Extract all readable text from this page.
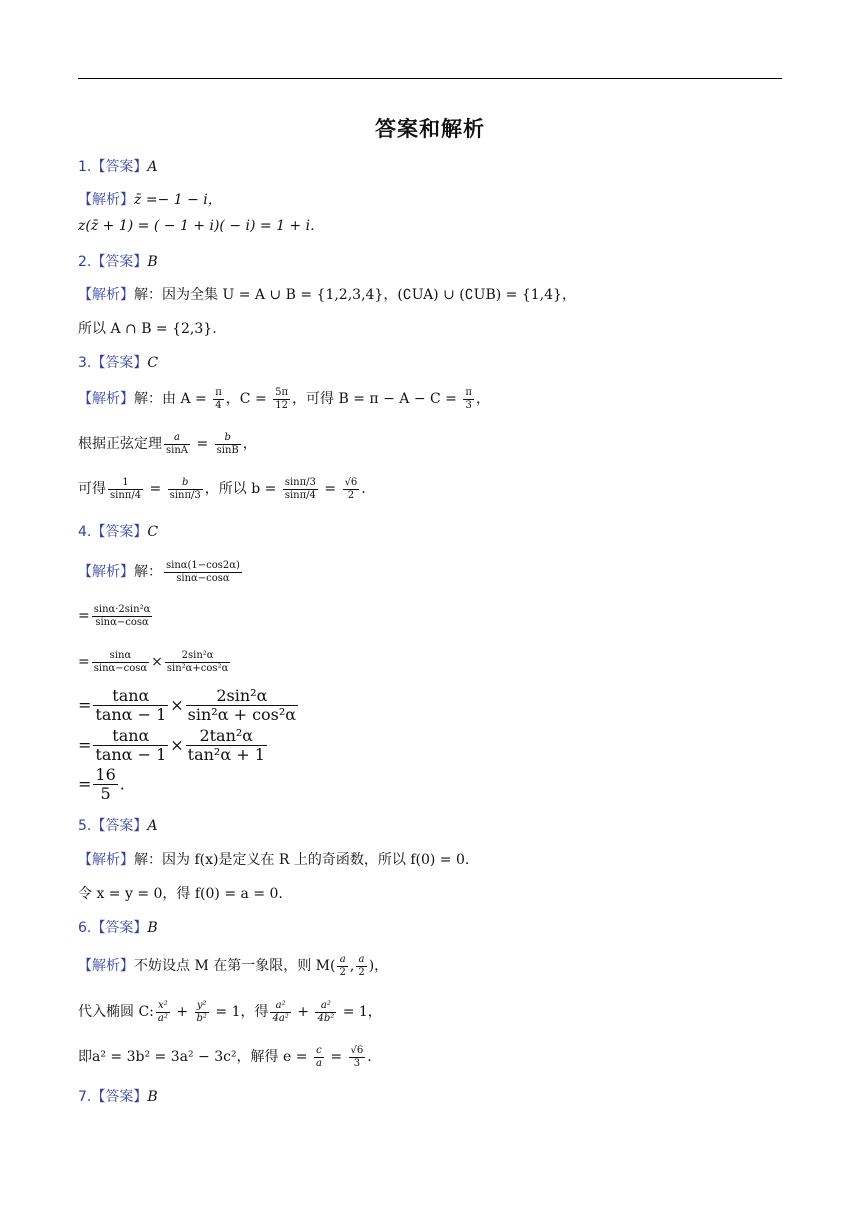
答案和解析
1.【答案】A
【解析】z̄ =− 1 − i，
z(z̄ + 1) = ( − 1 + i)( − i) = 1 + i.
2.【答案】B
【解析】解：因为全集 U = A ∪ B = {1,2,3,4}，(∁UA) ∪ (∁UB) = {1,4}，
所以 A ∩ B = {2,3}.
3.【答案】C
【解析】解：由 $A = \frac{\pi}{4}$ ，$C = \frac{5\pi}{12}$ ，可得 $B = \pi - A - C = \frac{\pi}{3}$ ，
根据正弦定理 $\frac{a}{\sin A} = \frac{b}{\sin B}$ ，
可得 $\frac{1}{\sin\pi/4} = \frac{b}{\sin\pi/3}$ ，所以 $b = \frac{\sin\pi/3}{\sin\pi/4} = \frac{√6}{2}$ .
4.【答案】C
【解析】解： $\frac{\sin\alpha(1-\cos 2\alpha)}{\sin\alpha-\cos\alpha}$
= $\frac{\text{sinα·2sin²α}}{\sin\alpha-\cos\alpha}$
= $\frac{\sin\alpha}{\sin\alpha-\cos\alpha} \times \frac{\text{2sin²α}}{\text{sin²α+cos²α}}$
= $\frac{\tan\alpha}{\tan\alpha - 1} \times \frac{\text{2sin²α}}{\text{sin²α + cos²α}}$
= $\frac{\tan\alpha}{\tan\alpha - 1} \times \frac{\text{2tan²α}}{\text{tan²α + 1}}$
= $\frac{16}{5}$ .
5.【答案】A
【解析】解：因为 f(x)是定义在 R 上的奇函数，所以 f(0) = 0.
令 x = y = 0，得 f(0) = a = 0.
6.【答案】B
【解析】不妨设点 M 在第一象限，则 $M( \frac{a}{2}$ , $\frac{a}{2}$ )，
代入椭圆 C: $\frac{\text{x²}}{\text{a²}} + \frac{\text{y²}}{\text{b²}} = 1$，得 $\frac{\text{a²}}{\text{4a²}} + \frac{\text{a²}}{\text{4b²}} = 1$，
即a² = 3b² = 3a² − 3c²，解得 $e = \frac{c}{a} = \frac{√6}{3}$ .
7.【答案】B
